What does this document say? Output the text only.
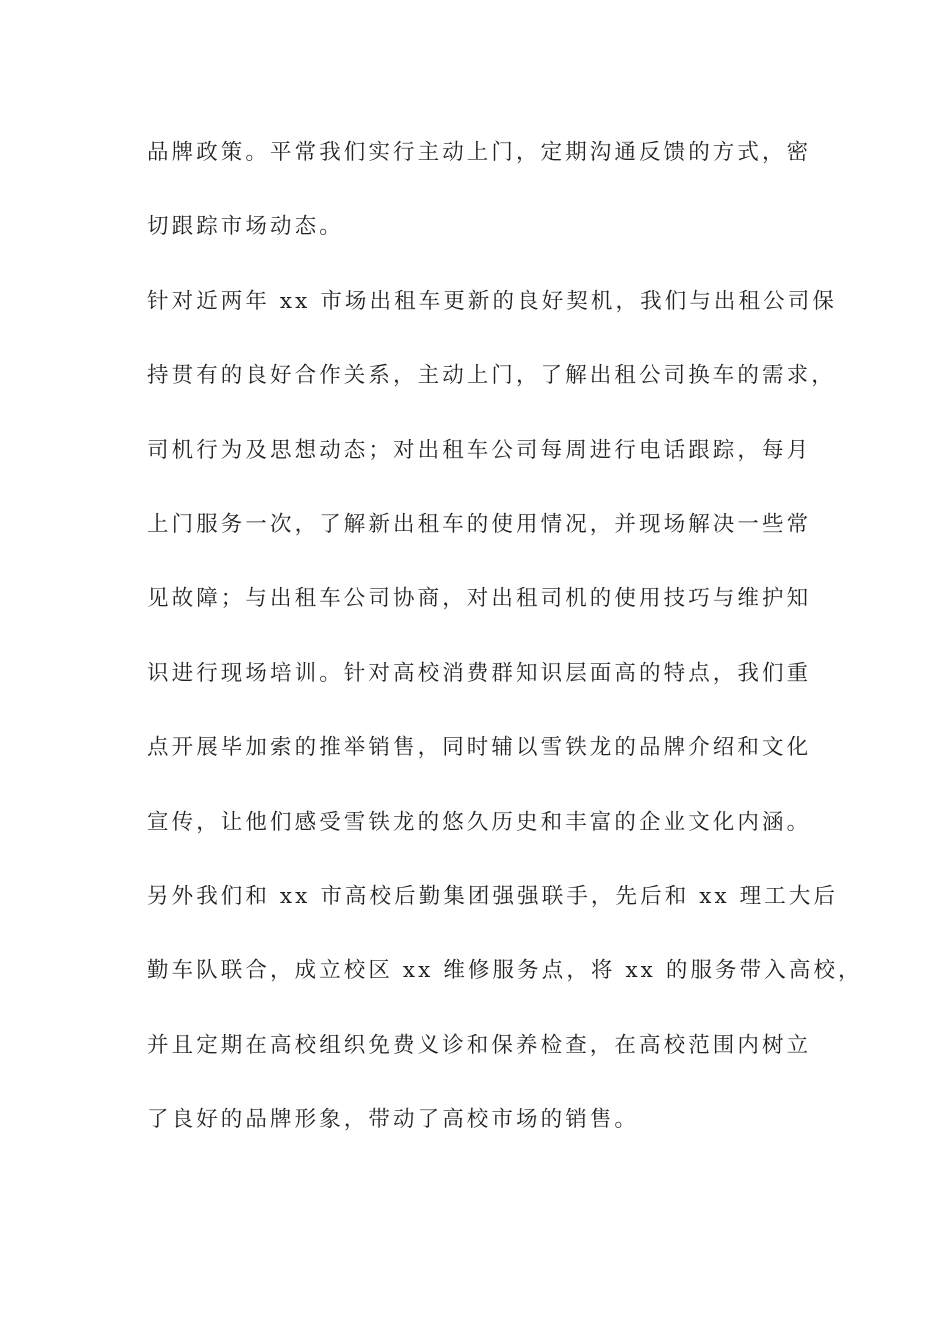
品牌政策。平常我们实行主动上门，定期沟通反馈的方式，密
切跟踪市场动态。
针对近两年 xx 市场出租车更新的良好契机，我们与出租公司保
持贯有的良好合作关系，主动上门，了解出租公司换车的需求，
司机行为及思想动态；对出租车公司每周进行电话跟踪，每月
上门服务一次，了解新出租车的使用情况，并现场解决一些常
见故障；与出租车公司协商，对出租司机的使用技巧与维护知
识进行现场培训。针对高校消费群知识层面高的特点，我们重
点开展毕加索的推举销售，同时辅以雪铁龙的品牌介绍和文化
宣传，让他们感受雪铁龙的悠久历史和丰富的企业文化内涵。
另外我们和 xx 市高校后勤集团强强联手，先后和 xx 理工大后
勤车队联合，成立校区 xx 维修服务点，将 xx 的服务带入高校，
并且定期在高校组织免费义诊和保养检查，在高校范围内树立
了良好的品牌形象，带动了高校市场的销售。
